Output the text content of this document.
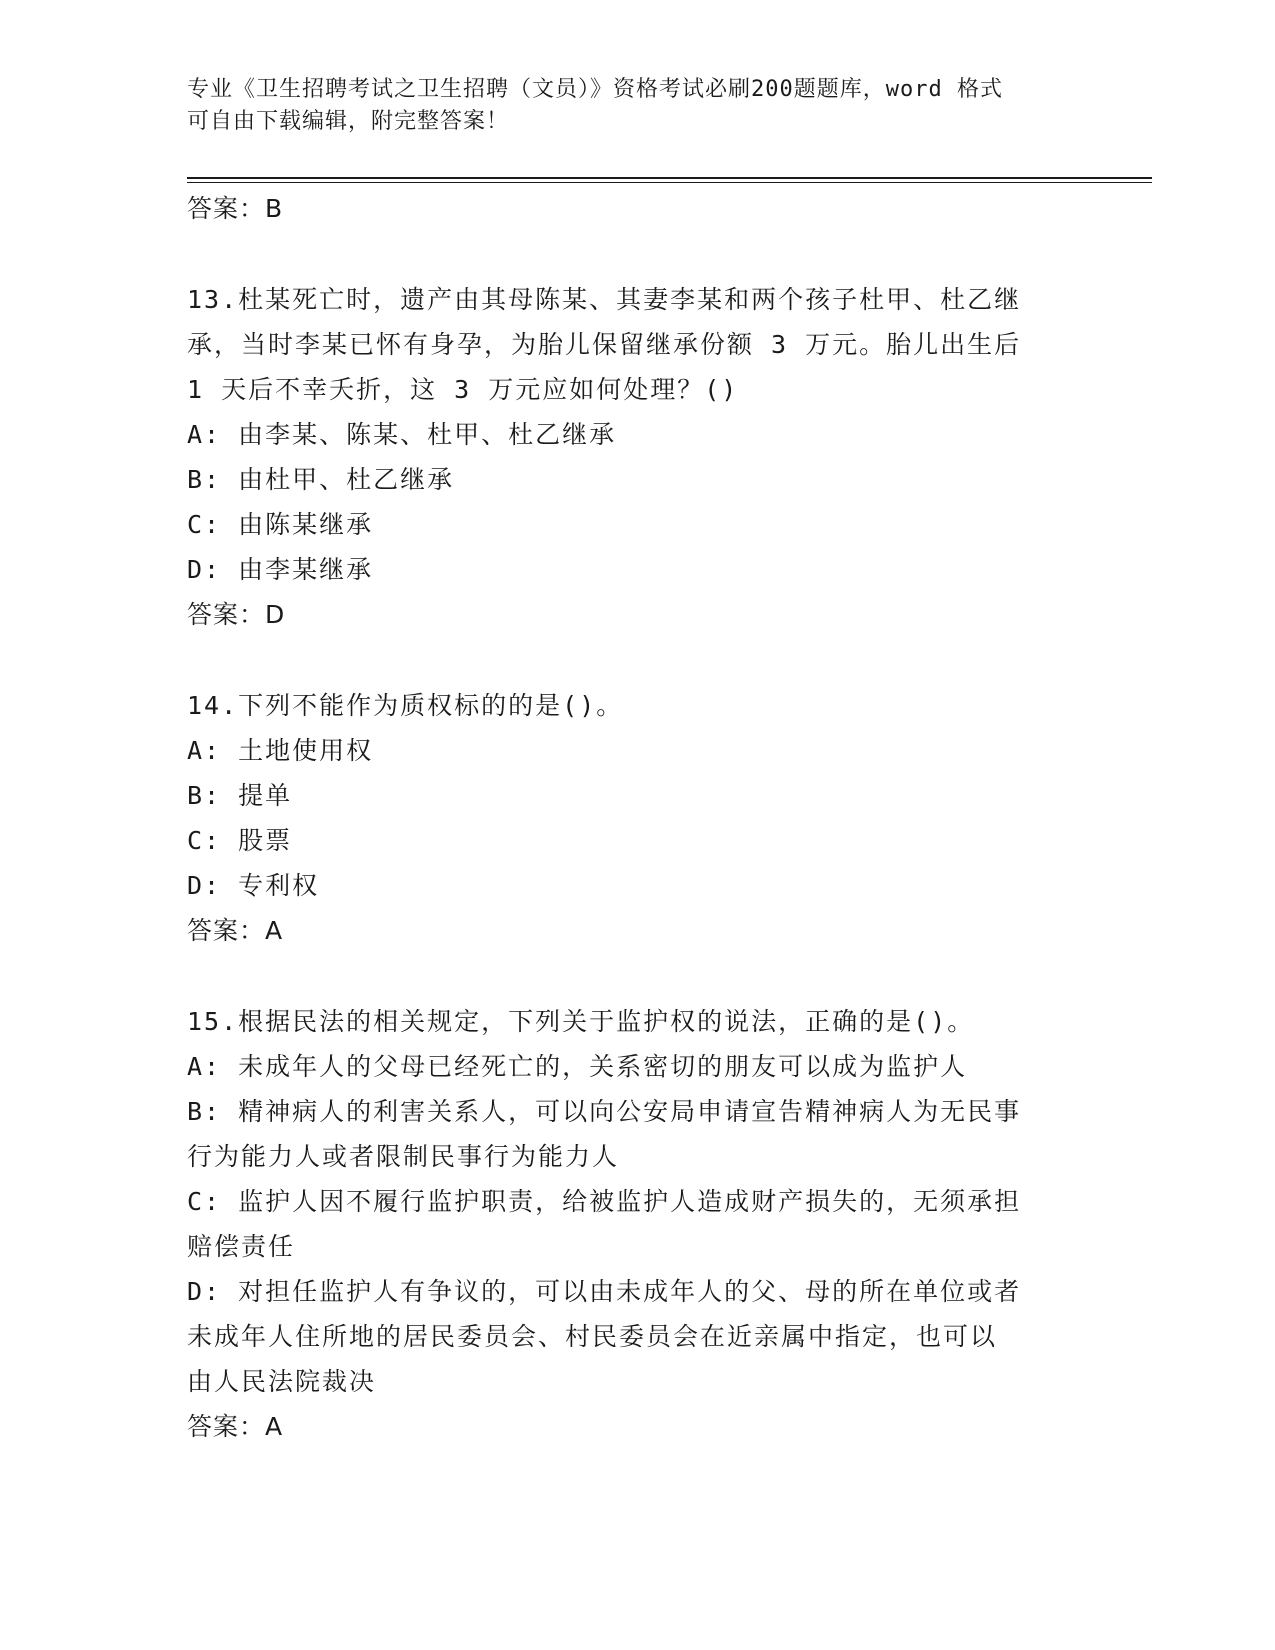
专业《卫生招聘考试之卫生招聘（文员）》资格考试必刷200题题库，word 格式
可自由下载编辑，附完整答案！
答案：B
13.杜某死亡时，遗产由其母陈某、其妻李某和两个孩子杜甲、杜乙继
承，当时李某已怀有身孕，为胎儿保留继承份额 3 万元。胎儿出生后
1 天后不幸夭折，这 3 万元应如何处理？()
A: 由李某、陈某、杜甲、杜乙继承
B: 由杜甲、杜乙继承
C: 由陈某继承
D: 由李某继承
答案：D
14.下列不能作为质权标的的是()。
A: 土地使用权
B: 提单
C: 股票
D: 专利权
答案：A
15.根据民法的相关规定，下列关于监护权的说法，正确的是()。
A: 未成年人的父母已经死亡的，关系密切的朋友可以成为监护人
B: 精神病人的利害关系人，可以向公安局申请宣告精神病人为无民事
行为能力人或者限制民事行为能力人
C: 监护人因不履行监护职责，给被监护人造成财产损失的，无须承担
赔偿责任
D: 对担任监护人有争议的，可以由未成年人的父、母的所在单位或者
未成年人住所地的居民委员会、村民委员会在近亲属中指定，也可以
由人民法院裁决
答案：A
